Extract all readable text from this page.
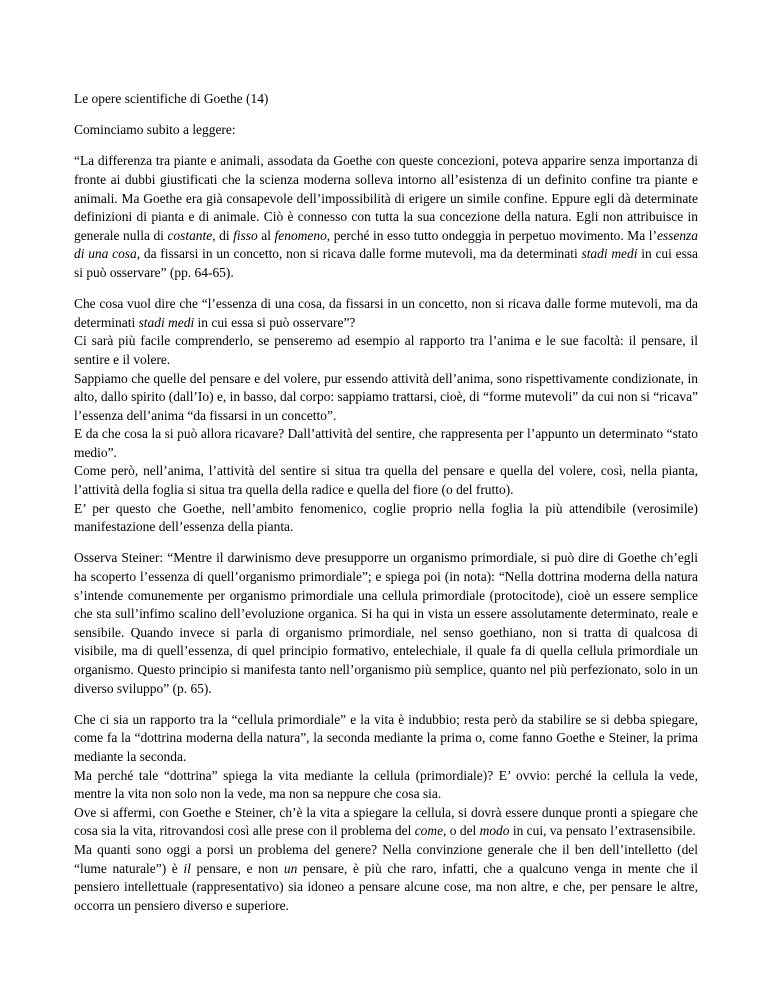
Le opere scientifiche di Goethe (14)

Cominciamo subito a leggere:

“La differenza tra piante e animali, assodata da Goethe con queste concezioni, poteva apparire senza importanza di fronte ai dubbi giustificati che la scienza moderna solleva intorno all’esistenza di un definito confine tra piante e animali. Ma Goethe era già consapevole dell’impossibilità di erigere un simile confine. Eppure egli dà determinate definizioni di pianta e di animale. Ciò è connesso con tutta la sua concezione della natura. Egli non attribuisce in generale nulla di costante, di fisso al fenomeno, perché in esso tutto ondeggia in perpetuo movimento. Ma l’essenza di una cosa, da fissarsi in un concetto, non si ricava dalle forme mutevoli, ma da determinati stadi medi in cui essa si può osservare” (pp. 64-65).

Che cosa vuol dire che “l’essenza di una cosa, da fissarsi in un concetto, non si ricava dalle forme mutevoli, ma da determinati stadi medi in cui essa si può osservare”?

Ci sarà più facile comprenderlo, se penseremo ad esempio al rapporto tra l’anima e le sue facoltà: il pensare, il sentire e il volere.

Sappiamo che quelle del pensare e del volere, pur essendo attività dell’anima, sono rispettivamente condizionate, in alto, dallo spirito (dall’Io) e, in basso, dal corpo: sappiamo trattarsi, cioè, di “forme mutevoli” da cui non si “ricava” l’essenza dell’anima “da fissarsi in un concetto”.

E da che cosa la si può allora ricavare? Dall’attività del sentire, che rappresenta per l’appunto un determinato “stato medio”.

Come però, nell’anima, l’attività del sentire si situa tra quella del pensare e quella del volere, così, nella pianta, l’attività della foglia si situa tra quella della radice e quella del fiore (o del frutto).

E’ per questo che Goethe, nell’ambito fenomenico, coglie proprio nella foglia la più attendibile (verosimile) manifestazione dell’essenza della pianta.

Osserva Steiner: “Mentre il darwinismo deve presupporre un organismo primordiale, si può dire di Goethe ch’egli ha scoperto l’essenza di quell’organismo primordiale”; e spiega poi (in nota): “Nella dottrina moderna della natura s’intende comunemente per organismo primordiale una cellula primordiale (protocitode), cioè un essere semplice che sta sull’infimo scalino dell’evoluzione organica. Si ha qui in vista un essere assolutamente determinato, reale e sensibile. Quando invece si parla di organismo primordiale, nel senso goethiano, non si tratta di qualcosa di visibile, ma di quell’essenza, di quel principio formativo, entelechiale, il quale fa di quella cellula primordiale un organismo. Questo principio si manifesta tanto nell’organismo più semplice, quanto nel più perfezionato, solo in un diverso sviluppo” (p. 65).

Che ci sia un rapporto tra la “cellula primordiale” e la vita è indubbio; resta però da stabilire se si debba spiegare, come fa la “dottrina moderna della natura”, la seconda mediante la prima o, come fanno Goethe e Steiner, la prima mediante la seconda.

Ma perché tale “dottrina” spiega la vita mediante la cellula (primordiale)? E’ ovvio: perché la cellula la vede, mentre la vita non solo non la vede, ma non sa neppure che cosa sia.

Ove si affermi, con Goethe e Steiner, ch’è la vita a spiegare la cellula, si dovrà essere dunque pronti a spiegare che cosa sia la vita, ritrovandosi così alle prese con il problema del come, o del modo in cui, va pensato l’extrasensibile.

Ma quanti sono oggi a porsi un problema del genere? Nella convinzione generale che il ben dell’intelletto (del “lume naturale”) è il pensare, e non un pensare, è più che raro, infatti, che a qualcuno venga in mente che il pensiero intellettuale (rappresentativo) sia idoneo a pensare alcune cose, ma non altre, e che, per pensare le altre, occorra un pensiero diverso e superiore.
